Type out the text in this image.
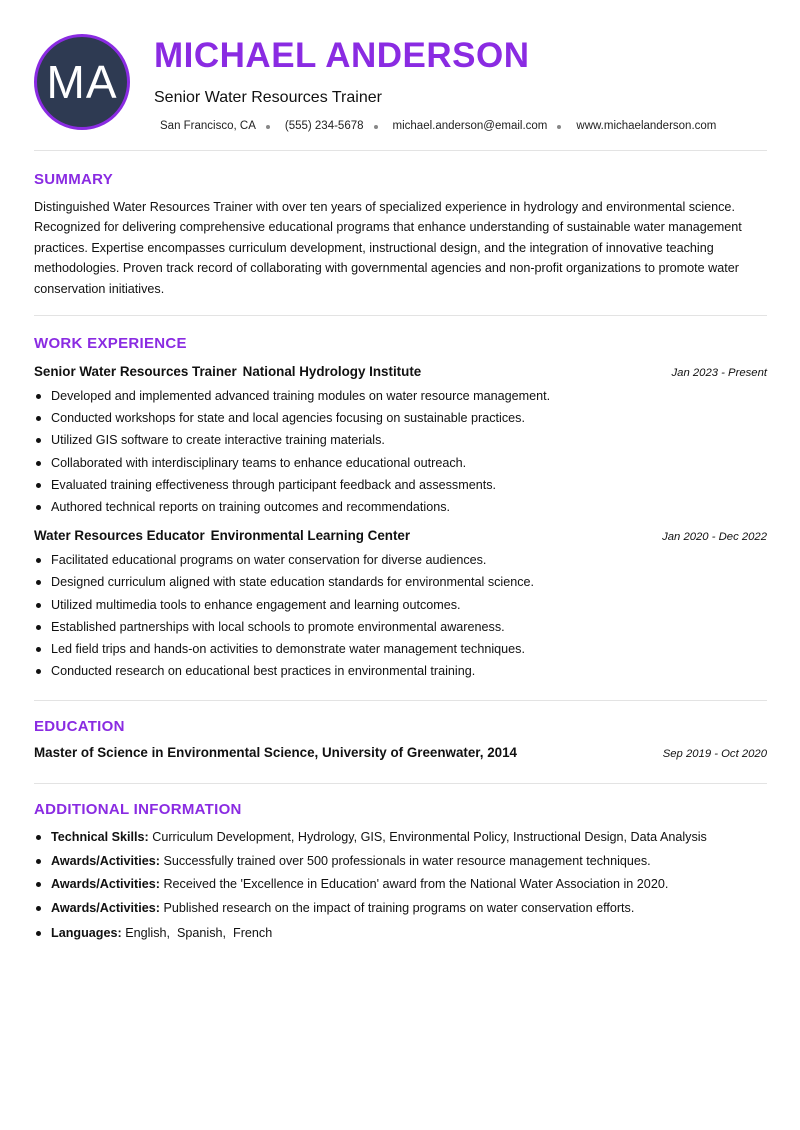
MA
MICHAEL ANDERSON
Senior Water Resources Trainer
San Francisco, CA	(555) 234-5678	michael.anderson@email.com	www.michaelanderson.com
SUMMARY

Distinguished Water Resources Trainer with over ten years of specialized experience in hydrology and environmental science. Recognized for delivering comprehensive educational programs that enhance understanding of sustainable water management practices. Expertise encompasses curriculum development, instructional design, and the integration of innovative teaching methodologies. Proven track record of collaborating with governmental agencies and non-profit organizations to promote water conservation initiatives.

WORK EXPERIENCE
Senior Water Resources Trainer National Hydrology Institute	Jan 2023 - Present
Developed and implemented advanced training modules on water resource management.
Conducted workshops for state and local agencies focusing on sustainable practices.
Utilized GIS software to create interactive training materials.
Collaborated with interdisciplinary teams to enhance educational outreach.
Evaluated training effectiveness through participant feedback and assessments.
Authored technical reports on training outcomes and recommendations.
Water Resources Educator Environmental Learning Center	Jan 2020 - Dec 2022
Facilitated educational programs on water conservation for diverse audiences.
Designed curriculum aligned with state education standards for environmental science.
Utilized multimedia tools to enhance engagement and learning outcomes.
Established partnerships with local schools to promote environmental awareness.
Led field trips and hands-on activities to demonstrate water management techniques.
Conducted research on educational best practices in environmental training.
EDUCATION
Master of Science in Environmental Science, University of Greenwater, 2014	Sep 2019 - Oct 2020
ADDITIONAL INFORMATION
Technical Skills: Curriculum Development, Hydrology, GIS, Environmental Policy, Instructional Design, Data Analysis
Awards/Activities: Successfully trained over 500 professionals in water resource management techniques.
Awards/Activities: Received the 'Excellence in Education' award from the National Water Association in 2020.
Awards/Activities: Published research on the impact of training programs on water conservation efforts.
Languages: English,  Spanish,  French
